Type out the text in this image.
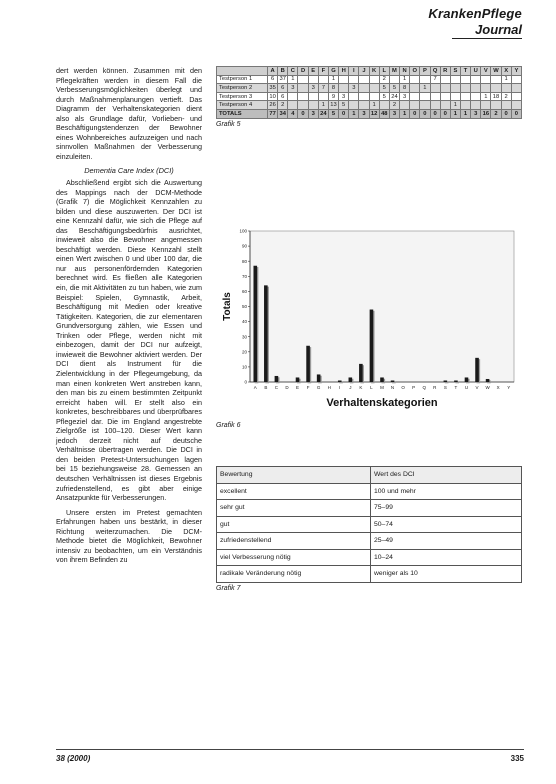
KrankenPflege
Journal

dert werden können. Zusammen mit den Pflegekräften werden in diesem Fall die Verbesserungsmöglichkeiten überlegt und durch Maßnahmenplanungen vertieft. Das Diagramm der Verhaltenskategorien dient also als Grundlage dafür, Vorlieben- und Beschäftigungstendenzen der Bewohner eines Wohnbereiches aufzuzeigen und nach sinnvollen Maßnahmen der Verbesserung einzuleiten.

Dementia Care Index (DCI)

Abschließend ergibt sich die Auswertung des Mappings nach der DCM-Methode (Grafik 7) die Möglichkeit Kennzahlen zu bilden und diese auszuwerten. Der DCI ist eine Kennzahl dafür, wie sich die Pflege auf das Beschäftigungsbedürfnis ausrichtet, inwieweit also die Bewohner angemessen beschäftigt werden. Diese Kennzahl stellt einen Wert zwischen 0 und über 100 dar, die nur aus personenfördernden Kategorien berechnet wird. Es fließen alle Kategorien ein, die mit Aktivitäten zu tun haben, wie zum Beispiel: Spielen, Gymnastik, Arbeit, Beschäftigung mit Medien oder kreative Tätigkeiten. Kategorien, die zur elementaren Grundversorgung zählen, wie Essen und Trinken oder Pflege, werden nicht mit einbezogen, damit der DCI nur aufzeigt, inwieweit die Bewohner aktiviert werden. Der DCI dient als Instrument für die Zielentwicklung in der Pflegeumgebung, da man einen konkreten Wert anstreben kann, den man bis zu einem bestimmten Zeitpunkt erreicht haben will. Er stellt also ein konkretes, beschreibbares und überprüfbares Pflegeziel dar. Die im England angestrebte Zielgröße ist 100–120. Dieser Wert kann jedoch derzeit nicht auf deutsche Verhältnisse übertragen werden. Die DCI in den beiden Pretest-Untersuchungen lagen bei 15 beziehungsweise 28. Gemessen an deutschen Verhältnissen ist dieses Ergebnis zufriedenstellend, es gibt aber einige Ansatzpunkte für Verbesserungen.

Unsere ersten im Pretest gemachten Erfahrungen haben uns bestärkt, in dieser Richtung weiterzumachen. Die DCM-Methode bietet die Möglichkeit, Bewohner intensiv zu beobachten, um ein Verständnis von ihrem Befinden zu

	A	B	C	D	E	F	G	H	I	J	K	L	M	N	O	P	Q	R	S	T	U	V	W	X	Y
Testperson 1	6	37	1				1					2		1			7							1	
Testperson 2	35	6	3		3	7	8		3			5	5	8		1									
Testperson 3	10	6					9	3				5	24	3								1	18	2	
Testperson 4	26	2				1	13	5			1		2						1						
TOTALS	77	34	4	0	3	24	5	0	1	3	12	48	3	1	0	0	0	0	1	1	3	16	2	0	0
Grafik 5
0
10
20
30
40
50
60
70
80
90
100
A B C D E F G H I J K L M N O P Q R S T U V W X Y
Verhaltenskategorien
Totals
Grafik 6
Bewertung	Wert des DCI
excellent	100 und mehr
sehr gut	75–99
gut	50–74
zufriedenstellend	25–49
viel Verbesserung nötig	10–24
radikale Veränderung nötig	weniger als 10
Grafik 7
38 (2000)	335
